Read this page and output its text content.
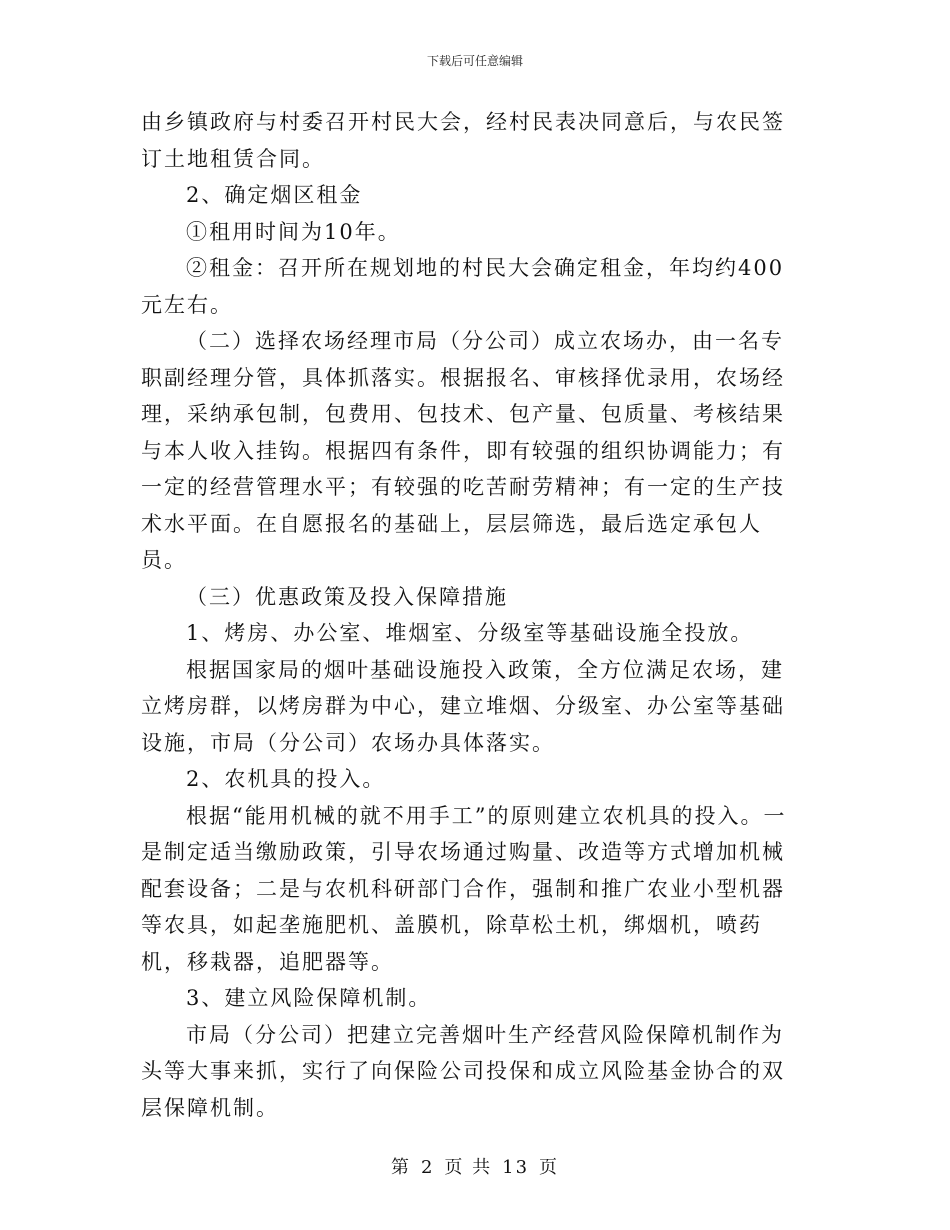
下载后可任意编辑

由乡镇政府与村委召开村民大会，经村民表决同意后，与农民签订土地租赁合同。

2、确定烟区租金

①租用时间为10年。

②租金：召开所在规划地的村民大会确定租金，年均约400元左右。

（二）选择农场经理市局（分公司）成立农场办，由一名专职副经理分管，具体抓落实。根据报名、审核择优录用，农场经理，采纳承包制，包费用、包技术、包产量、包质量、考核结果与本人收入挂钩。根据四有条件，即有较强的组织协调能力；有一定的经营管理水平；有较强的吃苦耐劳精神；有一定的生产技术水平面。在自愿报名的基础上，层层筛选，最后选定承包人员。

（三）优惠政策及投入保障措施

1、烤房、办公室、堆烟室、分级室等基础设施全投放。

根据国家局的烟叶基础设施投入政策，全方位满足农场，建立烤房群，以烤房群为中心，建立堆烟、分级室、办公室等基础设施，市局（分公司）农场办具体落实。

2、农机具的投入。

根据“能用机械的就不用手工”的原则建立农机具的投入。一是制定适当缴励政策，引导农场通过购量、改造等方式增加机械配套设备；二是与农机科研部门合作，强制和推广农业小型机器等农具，如起垄施肥机、盖膜机，除草松土机，绑烟机，喷药机，移栽器，追肥器等。

3、建立风险保障机制。

市局（分公司）把建立完善烟叶生产经营风险保障机制作为头等大事来抓，实行了向保险公司投保和成立风险基金协合的双层保障机制。

第 2 页 共 13 页
